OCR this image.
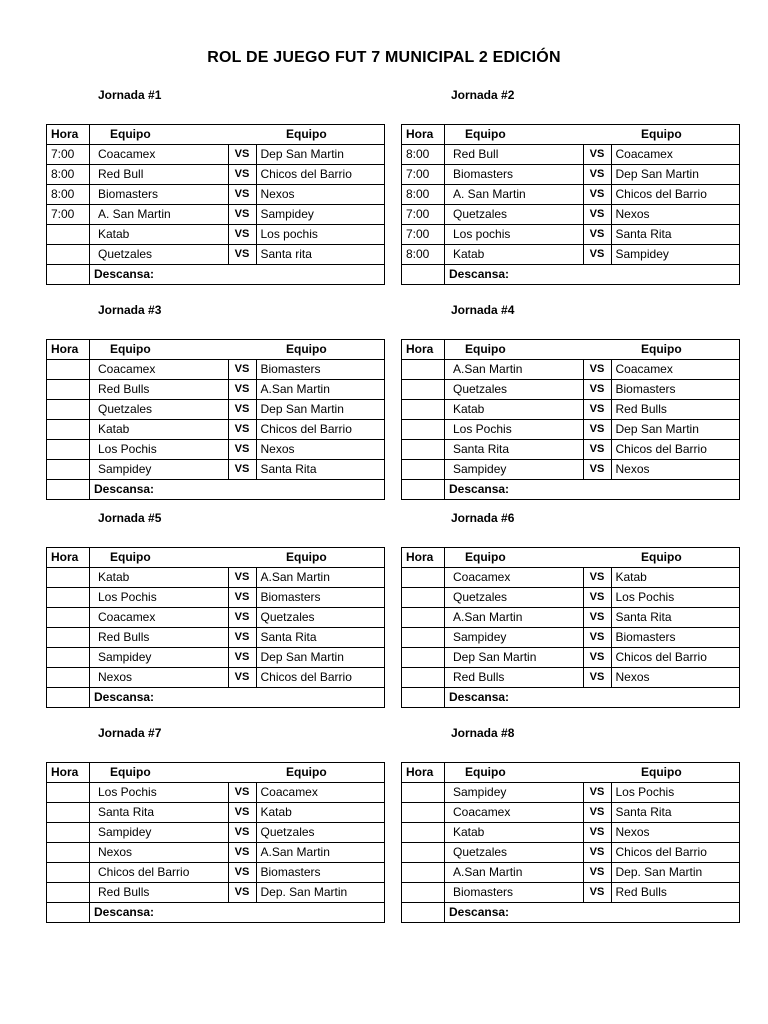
ROL DE JUEGO FUT 7 MUNICIPAL 2 EDICIÓN
Jornada #1
Hora	Equipo		Equipo
7:00	Coacamex	VS	Dep San Martin
8:00	Red Bull	VS	Chicos del Barrio
8:00	Biomasters	VS	Nexos
7:00	A. San Martin	VS	Sampidey
	Katab	VS	Los pochis
	Quetzales	VS	Santa rita
	Descansa:		
Jornada #2
Hora	Equipo		Equipo
8:00	Red Bull	VS	Coacamex
7:00	Biomasters	VS	Dep San Martin
8:00	A. San Martin	VS	Chicos del Barrio
7:00	Quetzales	VS	Nexos
7:00	Los pochis	VS	Santa Rita
8:00	Katab	VS	Sampidey
	Descansa:		
Jornada #3
Hora	Equipo		Equipo
	Coacamex	VS	Biomasters
	Red Bulls	VS	A.San Martin
	Quetzales	VS	Dep San Martin
	Katab	VS	Chicos del Barrio
	Los Pochis	VS	Nexos
	Sampidey	VS	Santa Rita
	Descansa:		
Jornada #4
Hora	Equipo		Equipo
	A.San Martin	VS	Coacamex
	Quetzales	VS	Biomasters
	Katab	VS	Red Bulls
	Los Pochis	VS	Dep San Martin
	Santa Rita	VS	Chicos del Barrio
	Sampidey	VS	Nexos
	Descansa:		
Jornada #5
Hora	Equipo		Equipo
	Katab	VS	A.San Martin
	Los Pochis	VS	Biomasters
	Coacamex	VS	Quetzales
	Red Bulls	VS	Santa Rita
	Sampidey	VS	Dep San Martin
	Nexos	VS	Chicos del Barrio
	Descansa:		
Jornada #6
Hora	Equipo		Equipo
	Coacamex	VS	Katab
	Quetzales	VS	Los Pochis
	A.San Martin	VS	Santa Rita
	Sampidey	VS	Biomasters
	Dep San Martin	VS	Chicos del Barrio
	Red Bulls	VS	Nexos
	Descansa:		
Jornada #7
Hora	Equipo		Equipo
	Los Pochis	VS	Coacamex
	Santa Rita	VS	Katab
	Sampidey	VS	Quetzales
	Nexos	VS	A.San Martin
	Chicos del Barrio	VS	Biomasters
	Red Bulls	VS	Dep. San Martin
	Descansa:		
Jornada #8
Hora	Equipo		Equipo
	Sampidey	VS	Los Pochis
	Coacamex	VS	Santa Rita
	Katab	VS	Nexos
	Quetzales	VS	Chicos del Barrio
	A.San Martin	VS	Dep. San Martin
	Biomasters	VS	Red Bulls
	Descansa:		
